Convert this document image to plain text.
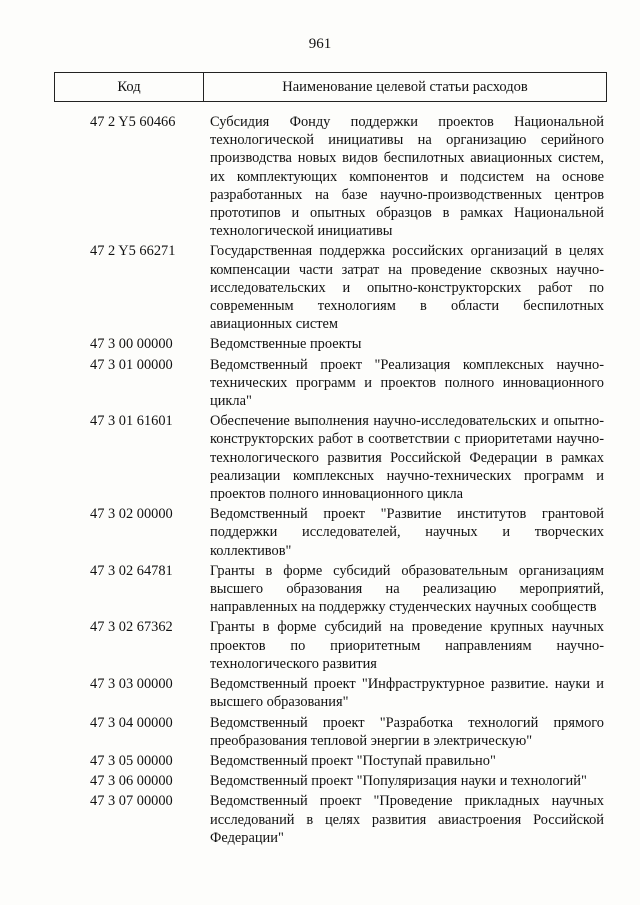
961
Код	Наименование целевой статьи расходов
47 2 Y5 60466	Субсидия Фонду поддержки проектов Национальной технологической инициативы на организацию серийного производства новых видов беспилотных авиационных систем, их комплектующих компонентов и подсистем на основе разработанных на базе научно-производственных центров прототипов и опытных образцов в рамках Национальной технологической инициативы
47 2 Y5 66271	Государственная поддержка российских организаций в целях компенсации части затрат на проведение сквозных научно-исследовательских и опытно-конструкторских работ по современным технологиям в области беспилотных авиационных систем
47 3 00 00000	Ведомственные проекты
47 3 01 00000	Ведомственный проект "Реализация комплексных научно-технических программ и проектов полного инновационного цикла"
47 3 01 61601	Обеспечение выполнения научно-исследовательских и опытно-конструкторских работ в соответствии с приоритетами научно-технологического развития Российской Федерации в рамках реализации комплексных научно-технических программ и проектов полного инновационного цикла
47 3 02 00000	Ведомственный проект "Развитие институтов грантовой поддержки исследователей, научных и творческих коллективов"
47 3 02 64781	Гранты в форме субсидий образовательным организациям высшего образования на реализацию мероприятий, направленных на поддержку студенческих научных сообществ
47 3 02 67362	Гранты в форме субсидий на проведение крупных научных проектов по приоритетным направлениям научно-технологического развития
47 3 03 00000	Ведомственный проект "Инфраструктурное развитие. науки и высшего образования"
47 3 04 00000	Ведомственный проект "Разработка технологий прямого преобразования тепловой энергии в электрическую"
47 3 05 00000	Ведомственный проект "Поступай правильно"
47 3 06 00000	Ведомственный проект "Популяризация науки и технологий"
47 3 07 00000	Ведомственный проект "Проведение прикладных научных исследований в целях развития авиастроения Российской Федерации"
